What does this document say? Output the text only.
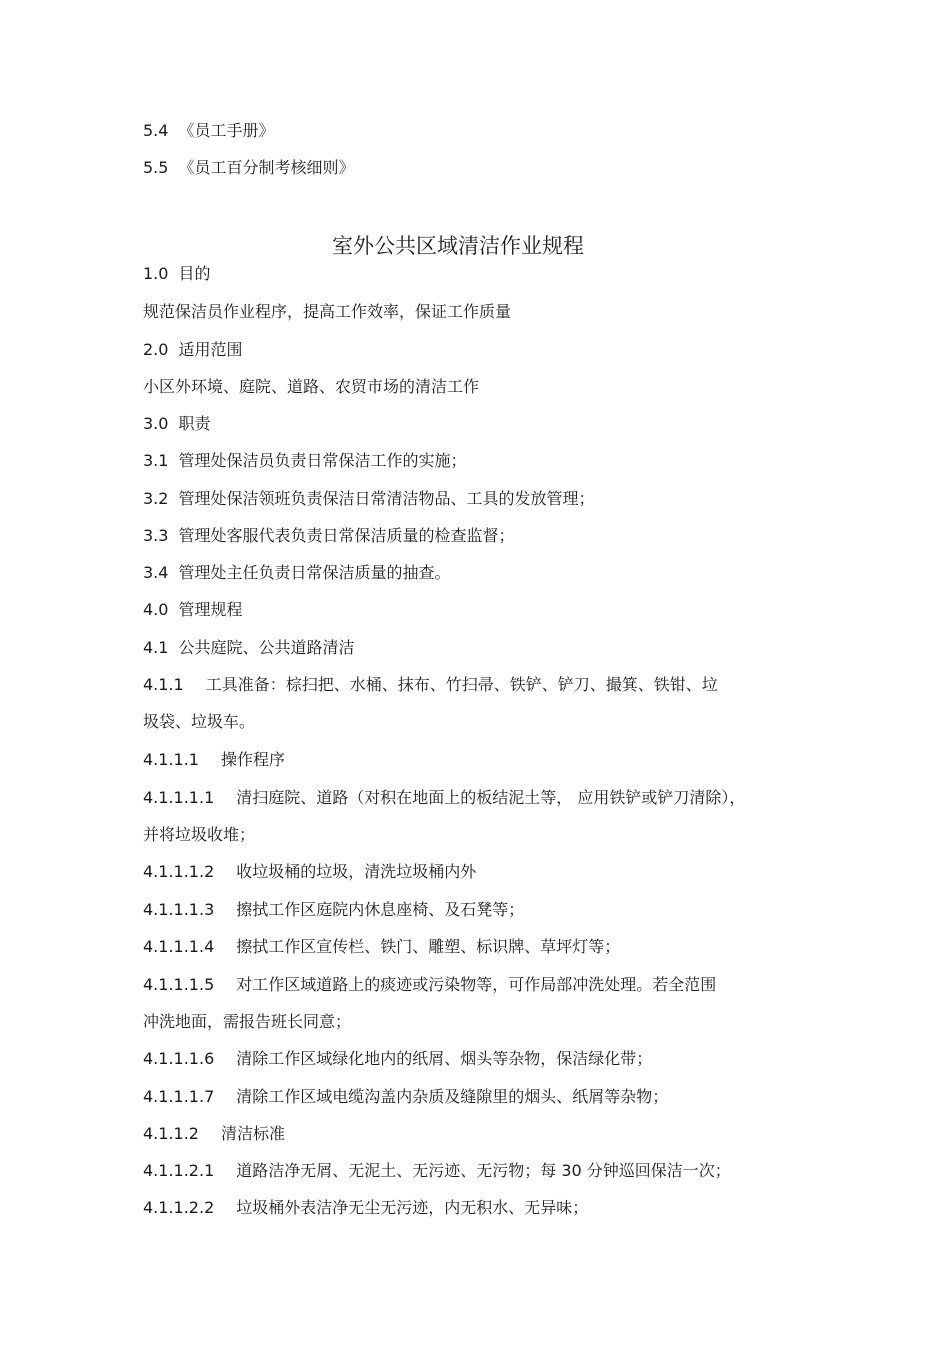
5.4 《员工手册》
5.5 《员工百分制考核细则》
室外公共区域清洁作业规程
1.0 目的
规范保洁员作业程序，提高工作效率，保证工作质量
2.0 适用范围
小区外环境、庭院、道路、农贸市场的清洁工作
3.0 职责
3.1 管理处保洁员负责日常保洁工作的实施；
3.2 管理处保洁领班负责保洁日常清洁物品、工具的发放管理；
3.3 管理处客服代表负责日常保洁质量的检查监督；
3.4 管理处主任负责日常保洁质量的抽查。
4.0 管理规程
4.1 公共庭院、公共道路清洁
4.1.1 工具准备：棕扫把、水桶、抹布、竹扫帚、铁铲、铲刀、撮箕、铁钳、垃
圾袋、垃圾车。
4.1.1.1 操作程序
4.1.1.1.1 清扫庭院、道路（对积在地面上的板结泥土等， 应用铁铲或铲刀清除），
并将垃圾收堆；
4.1.1.1.2 收垃圾桶的垃圾，清洗垃圾桶内外
4.1.1.1.3 擦拭工作区庭院内休息座椅、及石凳等；
4.1.1.1.4 擦拭工作区宣传栏、铁门、雕塑、标识牌、草坪灯等；
4.1.1.1.5 对工作区域道路上的痰迹或污染物等，可作局部冲洗处理。若全范围
冲洗地面，需报告班长同意；
4.1.1.1.6 清除工作区域绿化地内的纸屑、烟头等杂物，保洁绿化带；
4.1.1.1.7 清除工作区域电缆沟盖内杂质及缝隙里的烟头、纸屑等杂物；
4.1.1.2 清洁标准
4.1.1.2.1 道路洁净无屑、无泥土、无污迹、无污物；每 30 分钟巡回保洁一次；
4.1.1.2.2 垃圾桶外表洁净无尘无污迹，内无积水、无异味；
